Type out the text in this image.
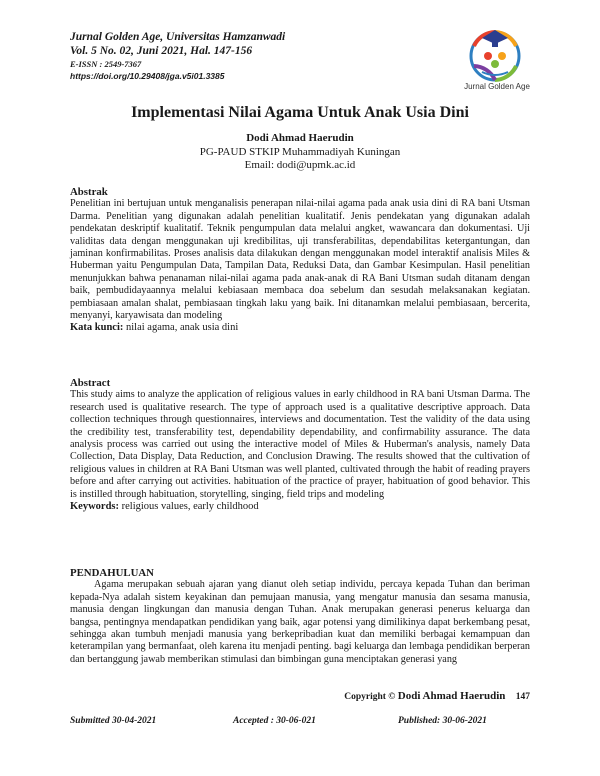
Jurnal Golden Age, Universitas Hamzanwadi
Vol. 5 No. 02, Juni 2021, Hal. 147-156
E-ISSN : 2549-7367
https://doi.org/10.29408/jga.v5i01.3385
Jurnal Golden Age
Implementasi Nilai Agama Untuk Anak Usia Dini
Dodi Ahmad Haerudin
PG-PAUD STKIP Muhammadiyah Kuningan
Email: dodi@upmk.ac.id
Abstrak
Penelitian ini bertujuan untuk menganalisis penerapan nilai-nilai agama pada anak usia dini di RA bani Utsman Darma. Penelitian yang digunakan adalah penelitian kualitatif. Jenis pendekatan yang digunakan adalah pendekatan deskriptif kualitatif. Teknik pengumpulan data melalui angket, wawancara dan dokumentasi. Uji validitas data dengan menggunakan uji kredibilitas, uji transferabilitas, dependabilitas ketergantungan, dan jaminan konfirmabilitas. Proses analisis data dilakukan dengan menggunakan model interaktif analisis Miles & Huberman yaitu Pengumpulan Data, Tampilan Data, Reduksi Data, dan Gambar Kesimpulan. Hasil penelitian menunjukkan bahwa penanaman nilai-nilai agama pada anak-anak di RA Bani Utsman sudah ditanam dengan baik, pembudidayaannya melalui kebiasaan membaca doa sebelum dan sesudah melaksanakan kegiatan. pembiasaan amalan shalat, pembiasaan tingkah laku yang baik. Ini ditanamkan melalui pembiasaan, bercerita, menyanyi, karyawisata dan modeling
Kata kunci: nilai agama, anak usia dini
Abstract
This study aims to analyze the application of religious values in early childhood in RA bani Utsman Darma. The research used is qualitative research. The type of approach used is a qualitative descriptive approach. Data collection techniques through questionnaires, interviews and documentation. Test the validity of the data using the credibility test, transferability test, dependability dependability, and confirmability assurance. The data analysis process was carried out using the interactive model of Miles & Huberman's analysis, namely Data Collection, Data Display, Data Reduction, and Conclusion Drawing. The results showed that the cultivation of religious values in children at RA Bani Utsman was well planted, cultivated through the habit of reading prayers before and after carrying out activities. habituation of the practice of prayer, habituation of good behavior. This is instilled through habituation, storytelling, singing, field trips and modeling
Keywords: religious values, early childhood
PENDAHULUAN
Agama merupakan sebuah ajaran yang dianut oleh setiap individu, percaya kepada Tuhan dan beriman kepada-Nya adalah sistem keyakinan dan pemujaan manusia, yang mengatur manusia dan sesama manusia, manusia dengan lingkungan dan manusia dengan Tuhan. Anak merupakan generasi penerus keluarga dan bangsa, pentingnya mendapatkan pendidikan yang baik, agar potensi yang dimilikinya dapat berkembang pesat, sehingga akan tumbuh menjadi manusia yang berkepribadian kuat dan memiliki berbagai kemampuan dan keterampilan yang bermanfaat, oleh karena itu menjadi penting. bagi keluarga dan lembaga pendidikan berperan dan bertanggung jawab memberikan stimulasi dan bimbingan guna menciptakan generasi yang
Copyright © Dodi Ahmad Haerudin 147
Submitted 30-04-2021	Accepted : 30-06-021	Published: 30-06-2021
